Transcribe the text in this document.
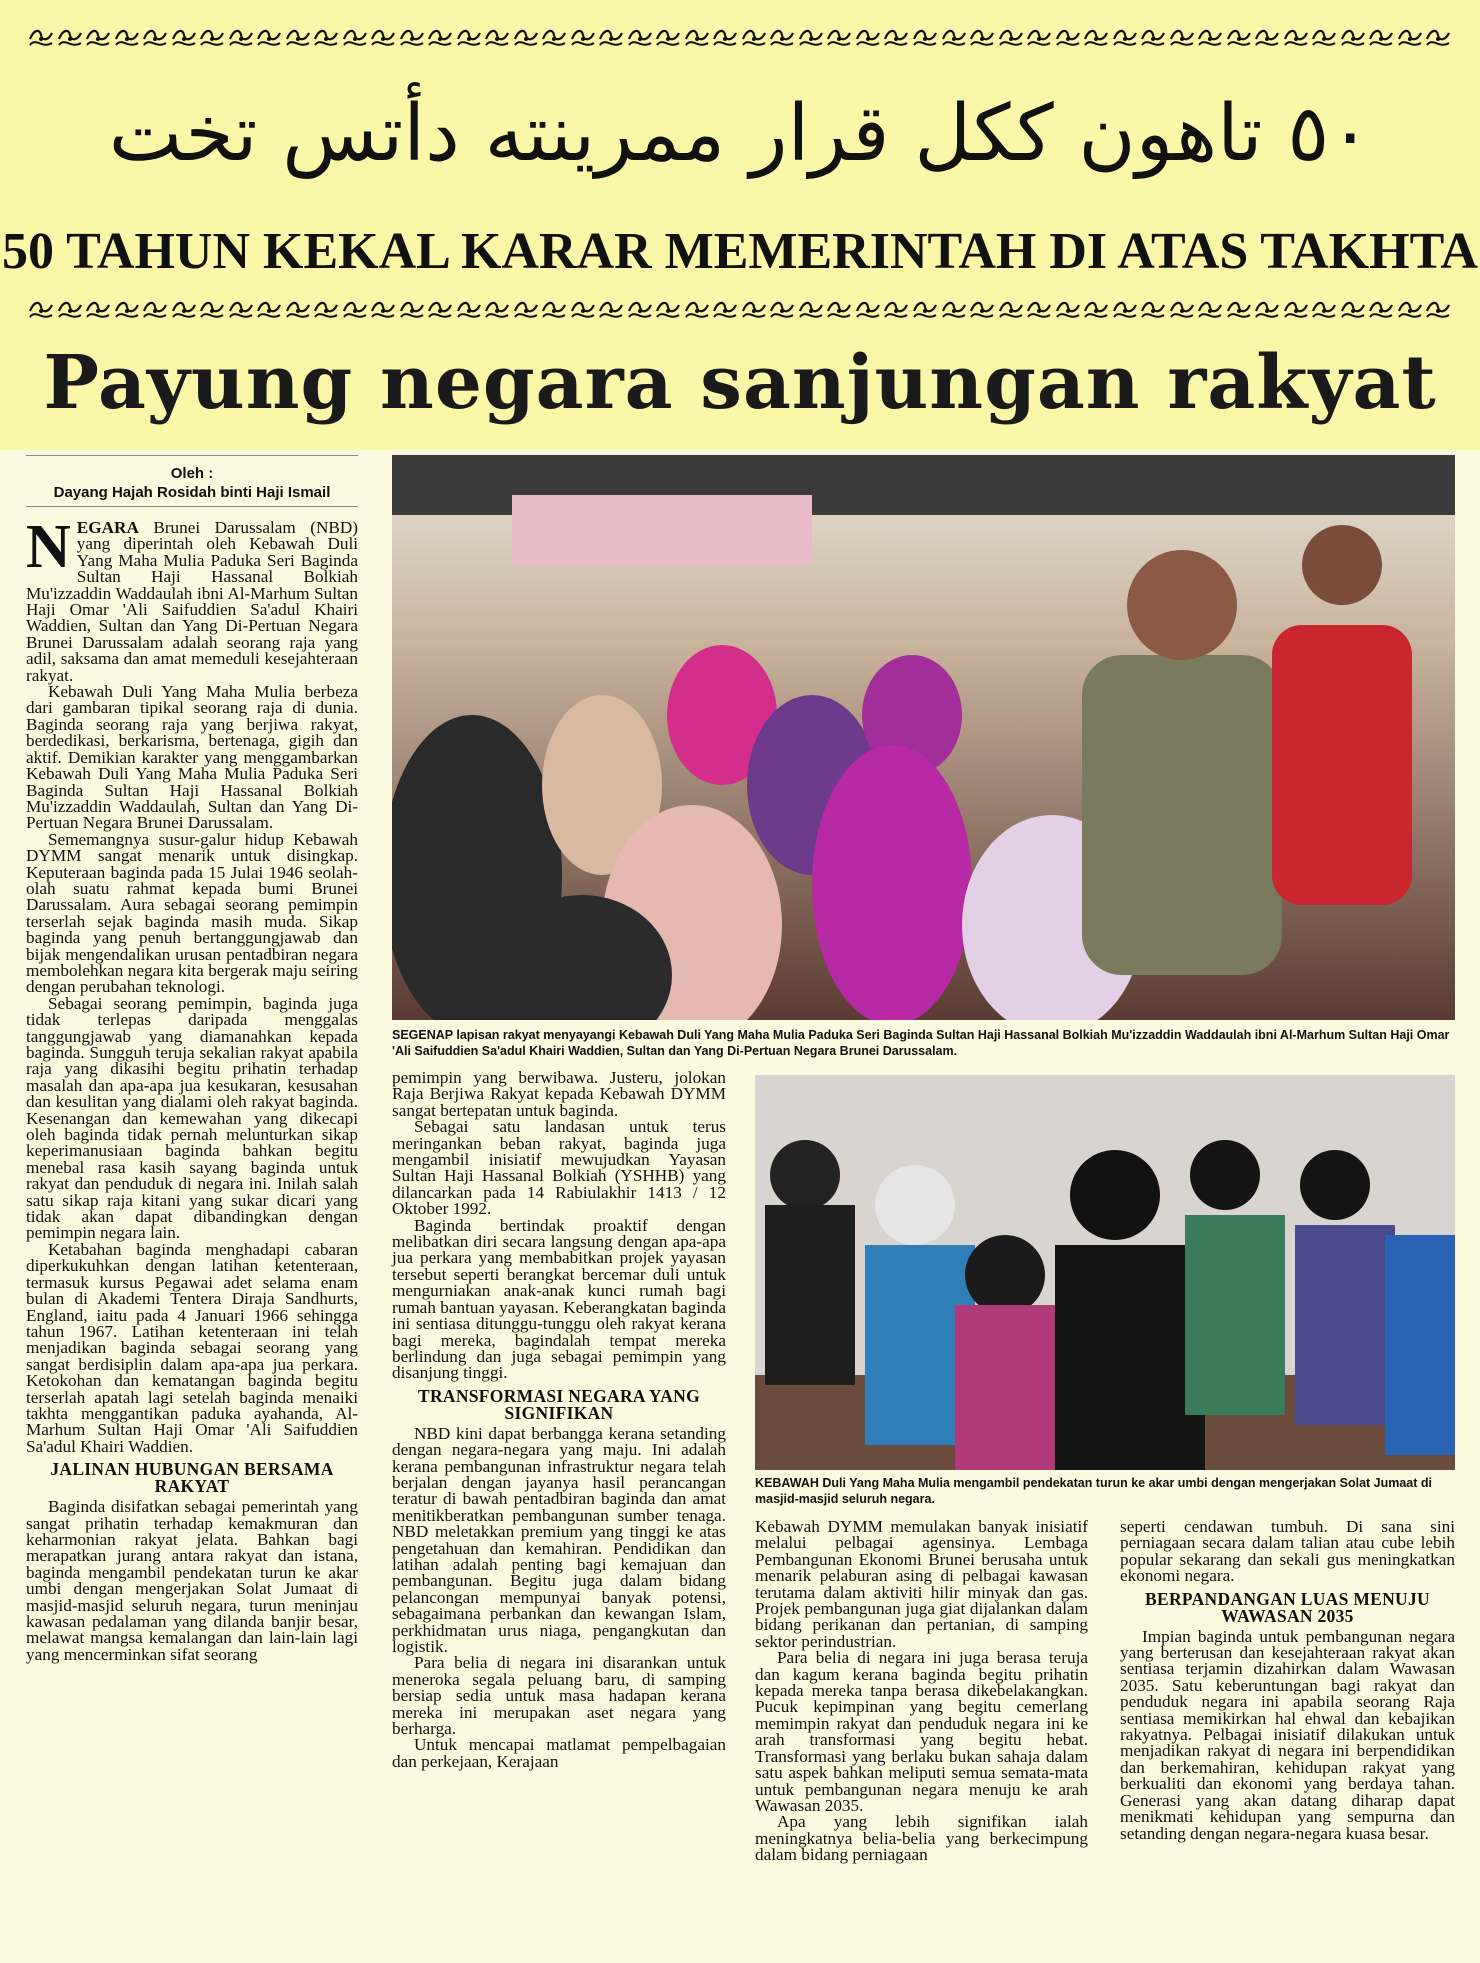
٥٠ تاهون ككل قرار ممرينته دأتس تخت
50 TAHUN KEKAL KARAR MEMERINTAH DI ATAS TAKHTA
Payung negara sanjungan rakyat
Oleh :
Dayang Hajah Rosidah binti Haji Ismail

NEGARA Brunei Darussalam (NBD) yang diperintah oleh Kebawah Duli Yang Maha Mulia Paduka Seri Baginda Sultan Haji Hassanal Bolkiah Mu'izzaddin Waddaulah ibni Al-Marhum Sultan Haji Omar 'Ali Saifuddien Sa'adul Khairi Waddien, Sultan dan Yang Di-Pertuan Negara Brunei Darussalam adalah seorang raja yang adil, saksama dan amat memeduli kesejahteraan rakyat.

Kebawah Duli Yang Maha Mulia berbeza dari gambaran tipikal seorang raja di dunia. Baginda seorang raja yang berjiwa rakyat, berdedikasi, berkarisma, bertenaga, gigih dan aktif. Demikian karakter yang menggambarkan Kebawah Duli Yang Maha Mulia Paduka Seri Baginda Sultan Haji Hassanal Bolkiah Mu'izzaddin Waddaulah, Sultan dan Yang Di-Pertuan Negara Brunei Darussalam.

Sememangnya susur-galur hidup Kebawah DYMM sangat menarik untuk disingkap. Keputeraan baginda pada 15 Julai 1946 seolah-olah suatu rahmat kepada bumi Brunei Darussalam. Aura sebagai seorang pemimpin terserlah sejak baginda masih muda. Sikap baginda yang penuh bertanggungjawab dan bijak mengendalikan urusan pentadbiran negara membolehkan negara kita bergerak maju seiring dengan perubahan teknologi.

Sebagai seorang pemimpin, baginda juga tidak terlepas daripada menggalas tanggungjawab yang diamanahkan kepada baginda. Sungguh teruja sekalian rakyat apabila raja yang dikasihi begitu prihatin terhadap masalah dan apa-apa jua kesukaran, kesusahan dan kesulitan yang dialami oleh rakyat baginda. Kesenangan dan kemewahan yang dikecapi oleh baginda tidak pernah melunturkan sikap keperimanusiaan baginda bahkan begitu menebal rasa kasih sayang baginda untuk rakyat dan penduduk di negara ini. Inilah salah satu sikap raja kitani yang sukar dicari yang tidak akan dapat dibandingkan dengan pemimpin negara lain.

Ketabahan baginda menghadapi cabaran diperkukuhkan dengan latihan ketenteraan, termasuk kursus Pegawai adet selama enam bulan di Akademi Tentera Diraja Sandhurts, England, iaitu pada 4 Januari 1966 sehingga tahun 1967. Latihan ketenteraan ini telah menjadikan baginda sebagai seorang yang sangat berdisiplin dalam apa-apa jua perkara. Ketokohan dan kematangan baginda begitu terserlah apatah lagi setelah baginda menaiki takhta menggantikan paduka ayahanda, Al-Marhum Sultan Haji Omar 'Ali Saifuddien Sa'adul Khairi Waddien.

JALINAN HUBUNGAN BERSAMA RAKYAT

Baginda disifatkan sebagai pemerintah yang sangat prihatin terhadap kemakmuran dan keharmonian rakyat jelata. Bahkan bagi merapatkan jurang antara rakyat dan istana, baginda mengambil pendekatan turun ke akar umbi dengan mengerjakan Solat Jumaat di masjid-masjid seluruh negara, turun meninjau kawasan pedalaman yang dilanda banjir besar, melawat mangsa kemalangan dan lain-lain lagi yang mencerminkan sifat seorang

SEGENAP lapisan rakyat menyayangi Kebawah Duli Yang Maha Mulia Paduka Seri Baginda Sultan Haji Hassanal Bolkiah Mu'izzaddin Waddaulah ibni Al-Marhum Sultan Haji Omar 'Ali Saifuddien Sa'adul Khairi Waddien, Sultan dan Yang Di-Pertuan Negara Brunei Darussalam.

pemimpin yang berwibawa. Justeru, jolokan Raja Berjiwa Rakyat kepada Kebawah DYMM sangat bertepatan untuk baginda.

Sebagai satu landasan untuk terus meringankan beban rakyat, baginda juga mengambil inisiatif mewujudkan Yayasan Sultan Haji Hassanal Bolkiah (YSHHB) yang dilancarkan pada 14 Rabiulakhir 1413 / 12 Oktober 1992.

Baginda bertindak proaktif dengan melibatkan diri secara langsung dengan apa-apa jua perkara yang membabitkan projek yayasan tersebut seperti berangkat bercemar duli untuk mengurniakan anak-anak kunci rumah bagi rumah bantuan yayasan. Keberangkatan baginda ini sentiasa ditunggu-tunggu oleh rakyat kerana bagi mereka, bagindalah tempat mereka berlindung dan juga sebagai pemimpin yang disanjung tinggi.

TRANSFORMASI NEGARA YANG SIGNIFIKAN

NBD kini dapat berbangga kerana setanding dengan negara-negara yang maju. Ini adalah kerana pembangunan infrastruktur negara telah berjalan dengan jayanya hasil perancangan teratur di bawah pentadbiran baginda dan amat menitikberatkan pembangunan sumber tenaga. NBD meletakkan premium yang tinggi ke atas pengetahuan dan kemahiran. Pendidikan dan latihan adalah penting bagi kemajuan dan pembangunan. Begitu juga dalam bidang pelancongan mempunyai banyak potensi, sebagaimana perbankan dan kewangan Islam, perkhidmatan urus niaga, pengangkutan dan logistik.

Para belia di negara ini disarankan untuk meneroka segala peluang baru, di samping bersiap sedia untuk masa hadapan kerana mereka ini merupakan aset negara yang berharga.

Untuk mencapai matlamat pempelbagaian dan perkejaan, Kerajaan

KEBAWAH Duli Yang Maha Mulia mengambil pendekatan turun ke akar umbi dengan mengerjakan Solat Jumaat di masjid-masjid seluruh negara.

Kebawah DYMM memulakan banyak inisiatif melalui pelbagai agensinya. Lembaga Pembangunan Ekonomi Brunei berusaha untuk menarik pelaburan asing di pelbagai kawasan terutama dalam aktiviti hilir minyak dan gas. Projek pembangunan juga giat dijalankan dalam bidang perikanan dan pertanian, di samping sektor perindustrian.

Para belia di negara ini juga berasa teruja dan kagum kerana baginda begitu prihatin kepada mereka tanpa berasa dikebelakangkan. Pucuk kepimpinan yang begitu cemerlang memimpin rakyat dan penduduk negara ini ke arah transformasi yang begitu hebat. Transformasi yang berlaku bukan sahaja dalam satu aspek bahkan meliputi semua semata-mata untuk pembangunan negara menuju ke arah Wawasan 2035.

Apa yang lebih signifikan ialah meningkatnya belia-belia yang berkecimpung dalam bidang perniagaan

seperti cendawan tumbuh. Di sana sini perniagaan secara dalam talian atau cube lebih popular sekarang dan sekali gus meningkatkan ekonomi negara.

BERPANDANGAN LUAS MENUJU WAWASAN 2035

Impian baginda untuk pembangunan negara yang berterusan dan kesejahteraan rakyat akan sentiasa terjamin dizahirkan dalam Wawasan 2035. Satu keberuntungan bagi rakyat dan penduduk negara ini apabila seorang Raja sentiasa memikirkan hal ehwal dan kebajikan rakyatnya. Pelbagai inisiatif dilakukan untuk menjadikan rakyat di negara ini berpendidikan dan berkemahiran, kehidupan rakyat yang berkualiti dan ekonomi yang berdaya tahan. Generasi yang akan datang diharap dapat menikmati kehidupan yang sempurna dan setanding dengan negara-negara kuasa besar.
